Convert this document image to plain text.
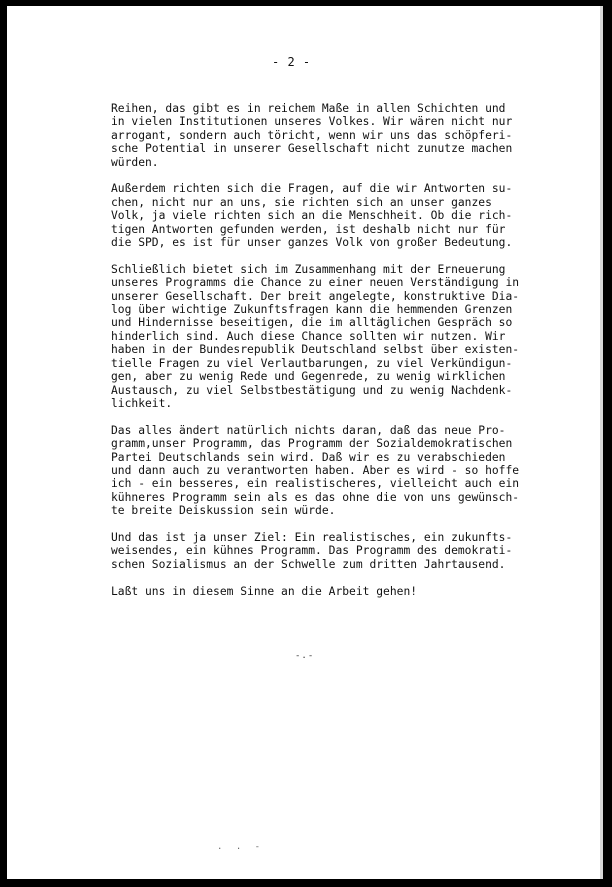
- 2 -

Reihen, das gibt es in reichem Maße in allen Schichten und
in vielen Institutionen unseres Volkes. Wir wären nicht nur
arrogant, sondern auch töricht, wenn wir uns das schöpferi-
sche Potential in unserer Gesellschaft nicht zunutze machen
würden.

Außerdem richten sich die Fragen, auf die wir Antworten su-
chen, nicht nur an uns, sie richten sich an unser ganzes
Volk, ja viele richten sich an die Menschheit. Ob die rich-
tigen Antworten gefunden werden, ist deshalb nicht nur für
die SPD, es ist für unser ganzes Volk von großer Bedeutung.

Schließlich bietet sich im Zusammenhang mit der Erneuerung
unseres Programms die Chance zu einer neuen Verständigung in
unserer Gesellschaft. Der breit angelegte, konstruktive Dia-
log über wichtige Zukunftsfragen kann die hemmenden Grenzen
und Hindernisse beseitigen, die im alltäglichen Gespräch so
hinderlich sind. Auch diese Chance sollten wir nutzen. Wir
haben in der Bundesrepublik Deutschland selbst über existen-
tielle Fragen zu viel Verlautbarungen, zu viel Verkündigun-
gen, aber zu wenig Rede und Gegenrede, zu wenig wirklichen
Austausch, zu viel Selbstbestätigung und zu wenig Nachdenk-
lichkeit.

Das alles ändert natürlich nichts daran, daß das neue Pro-
gramm,unser Programm, das Programm der Sozialdemokratischen
Partei Deutschlands sein wird. Daß wir es zu verabschieden
und dann auch zu verantworten haben. Aber es wird - so hoffe
ich - ein besseres, ein realistischeres, vielleicht auch ein
kühneres Programm sein als es das ohne die von uns gewünsch-
te breite Deiskussion sein würde.

Und das ist ja unser Ziel: Ein realistisches, ein zukunfts-
weisendes, ein kühnes Programm. Das Programm des demokrati-
schen Sozialismus an der Schwelle zum dritten Jahrtausend.

Laßt uns in diesem Sinne an die Arbeit gehen!

-.-
. . -
